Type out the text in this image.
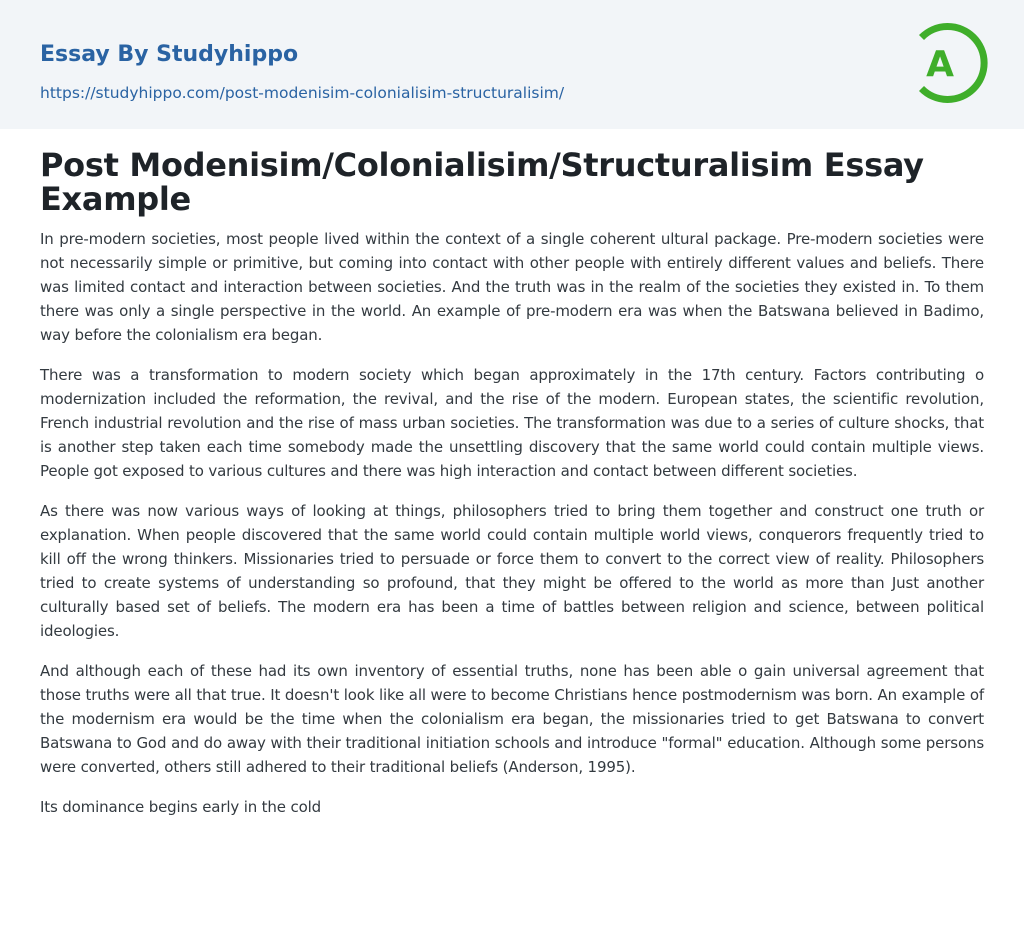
Essay By Studyhippo
https://studyhippo.com/post-modenisim-colonialisim-structuralisim/
A
Post Modenisim/Colonialisim/Structuralisim Essay Example

In pre-modern societies, most people lived within the context of a single coherent ultural package. Pre-modern societies were not necessarily simple or primitive, but coming into contact with other people with entirely different values and beliefs. There was limited contact and interaction between societies. And the truth was in the realm of the societies they existed in. To them there was only a single perspective in the world. An example of pre-modern era was when the Batswana believed in Badimo, way before the colonialism era began.

There was a transformation to modern society which began approximately in the 17th century. Factors contributing o modernization included the reformation, the revival, and the rise of the modern. European states, the scientific revolution, French industrial revolution and the rise of mass urban societies. The transformation was due to a series of culture shocks, that is another step taken each time somebody made the unsettling discovery that the same world could contain multiple views. People got exposed to various cultures and there was high interaction and contact between different societies.

As there was now various ways of looking at things, philosophers tried to bring them together and construct one truth or explanation. When people discovered that the same world could contain multiple world views, conquerors frequently tried to kill off the wrong thinkers. Missionaries tried to persuade or force them to convert to the correct view of reality. Philosophers tried to create systems of understanding so profound, that they might be offered to the world as more than Just another culturally based set of beliefs. The modern era has been a time of battles between religion and science, between political ideologies.

And although each of these had its own inventory of essential truths, none has been able o gain universal agreement that those truths were all that true. It doesn't look like all were to become Christians hence postmodernism was born. An example of the modernism era would be the time when the colonialism era began, the missionaries tried to get Batswana to convert Batswana to God and do away with their traditional initiation schools and introduce "formal" education. Although some persons were converted, others still adhered to their traditional beliefs (Anderson, 1995).

Its dominance begins early in the cold
